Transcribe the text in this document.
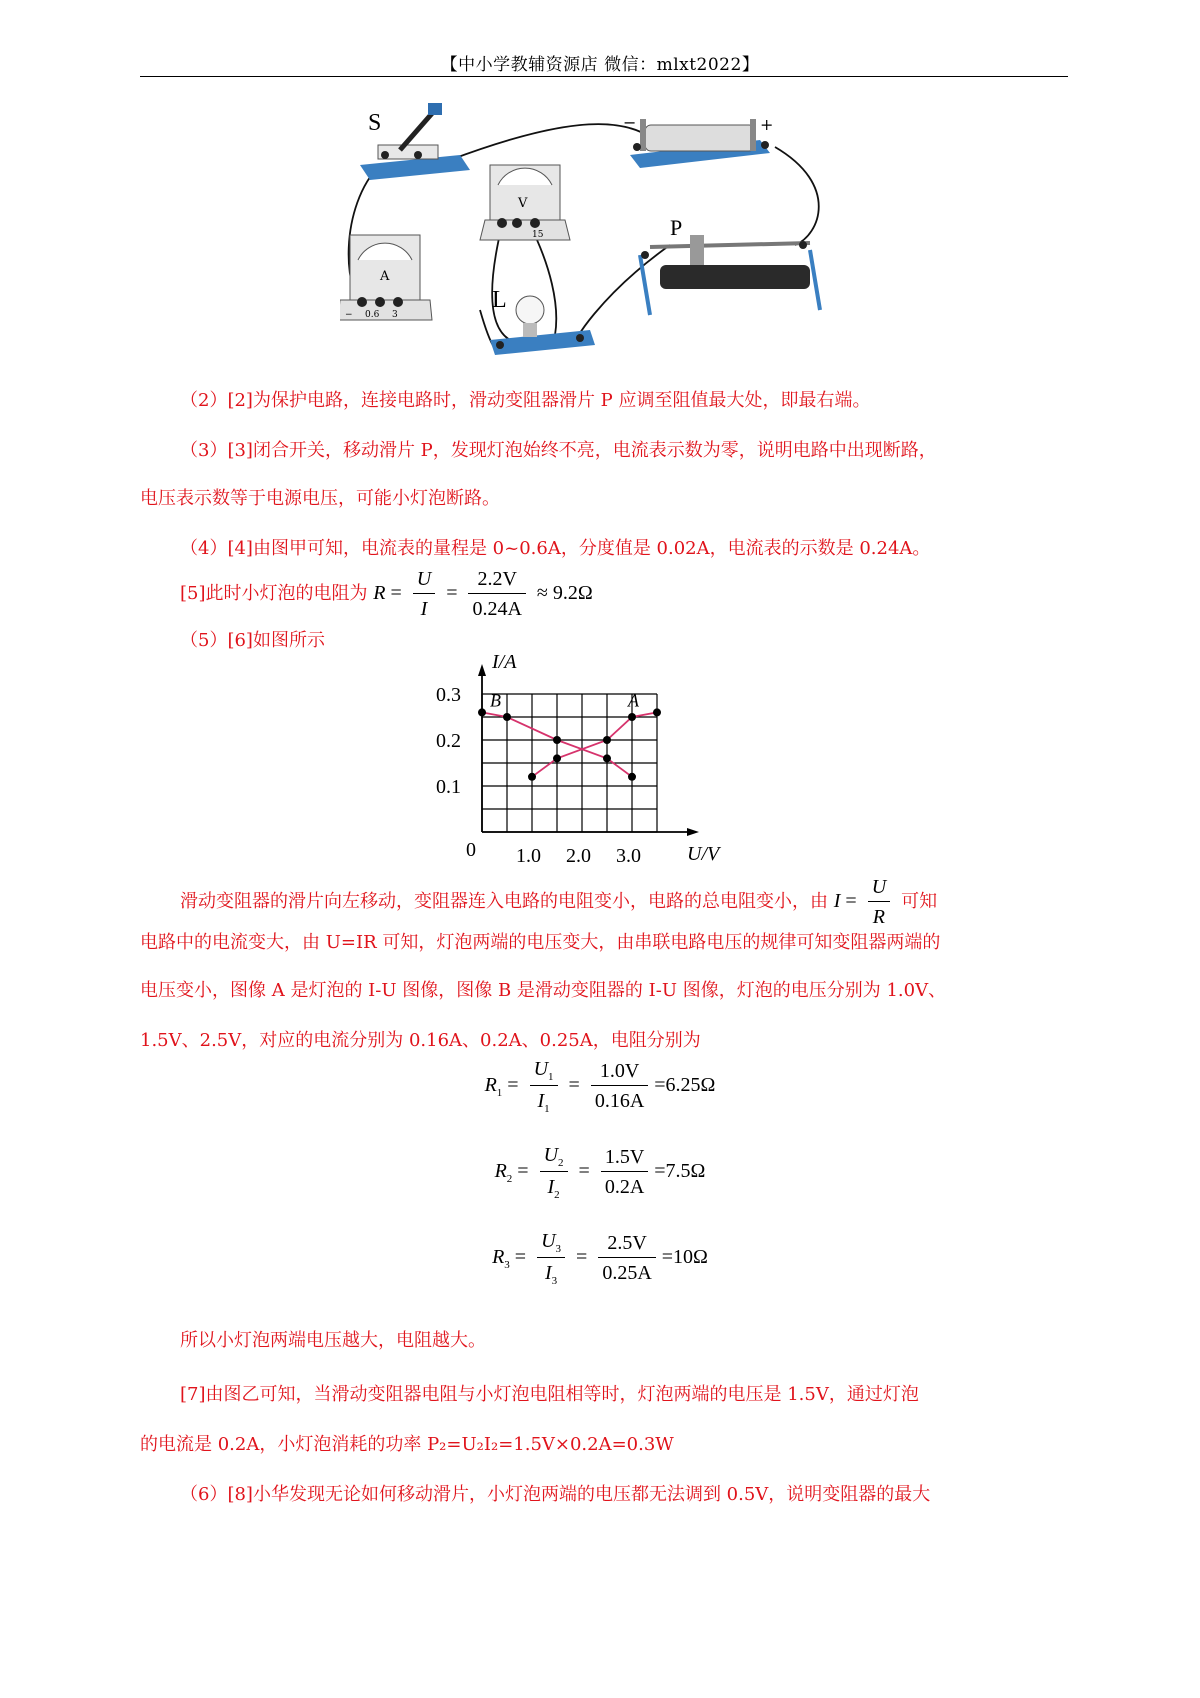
【中小学教辅资源店 微信：mlxt2022】
S	−	+
V
15
A
− 0.6 3
L
P
（2）[2]为保护电路，连接电路时，滑动变阻器滑片 P 应调至阻值最大处，即最右端。
（3）[3]闭合开关，移动滑片 P，发现灯泡始终不亮，电流表示数为零，说明电路中出现断路，
电压表示数等于电源电压，可能小灯泡断路。
（4）[4]由图甲可知，电流表的量程是 0~0.6A，分度值是 0.02A，电流表的示数是 0.24A。
[5]此时小灯泡的电阻为 $R = \frac{U}{I} = \frac{2.2V}{0.24A} \approx 9.2\Omega$
（5）[6]如图所示
I/A
U/V
0
0.1
0.2
0.3
1.0 2.0 3.0
A
B
滑动变阻器的滑片向左移动，变阻器连入电路的电阻变小，电路的总电阻变小，由 $I = \frac{U}{R}$ 可知
电路中的电流变大，由 U=IR 可知，灯泡两端的电压变大，由串联电路电压的规律可知变阻器两端的
电压变小，图像 A 是灯泡的 I-U 图像，图像 B 是滑动变阻器的 I-U 图像，灯泡的电压分别为 1.0V、
1.5V、2.5V，对应的电流分别为 0.16A、0.2A、0.25A，电阻分别为
$R_1 = \frac{U_1}{I_1} = \frac{1.0V}{0.16A} =6.25\Omega$
$R_2 = \frac{U_2}{I_2} = \frac{1.5V}{0.2A} =7.5\Omega$
$R_3 = \frac{U_3}{I_3} = \frac{2.5V}{0.25A} =10\Omega$
所以小灯泡两端电压越大，电阻越大。
[7]由图乙可知，当滑动变阻器电阻与小灯泡电阻相等时，灯泡两端的电压是 1.5V，通过灯泡
的电流是 0.2A，小灯泡消耗的功率 P₂=U₂I₂=1.5V×0.2A=0.3W
（6）[8]小华发现无论如何移动滑片，小灯泡两端的电压都无法调到 0.5V，说明变阻器的最大
